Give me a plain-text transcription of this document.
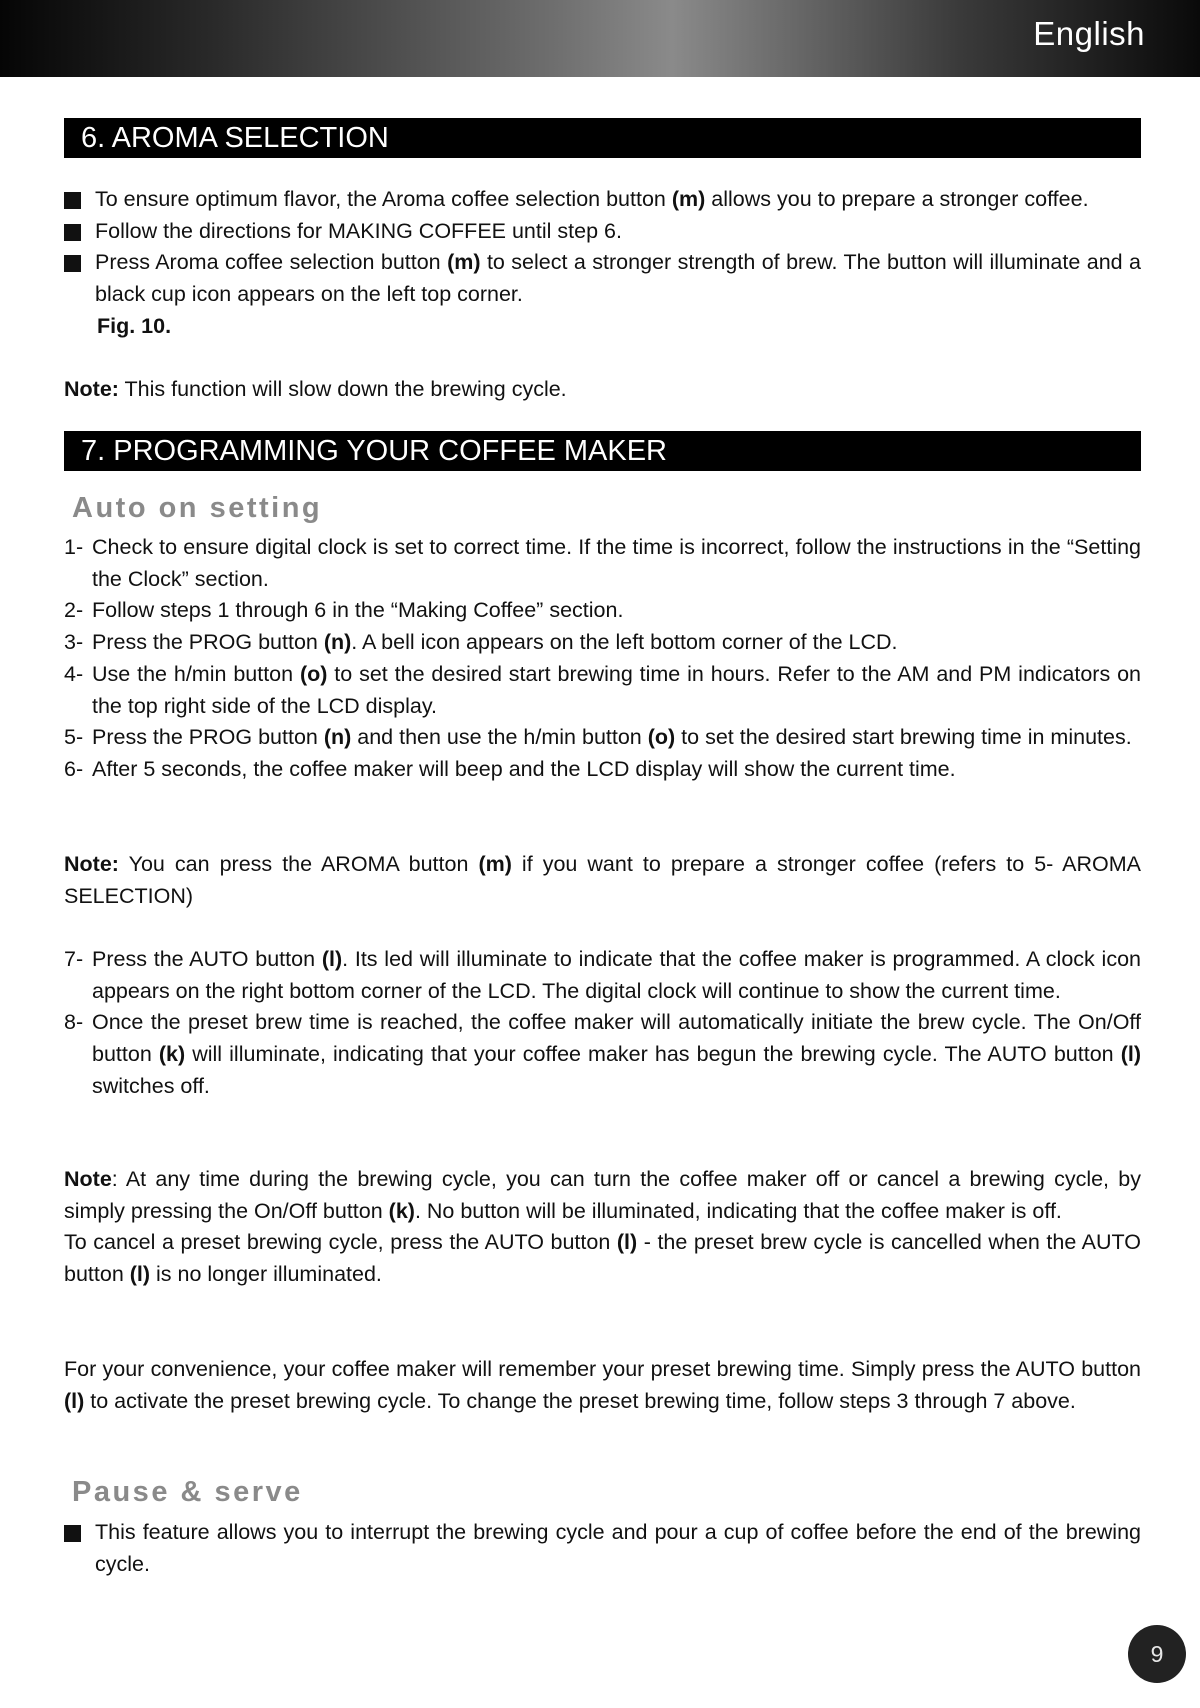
English
6. AROMA SELECTION
To ensure optimum flavor, the Aroma coffee selection button (m) allows you to prepare a stronger coffee.
Follow the directions for MAKING COFFEE until step 6.
Press Aroma coffee selection button (m) to select a stronger strength of brew. The button will illuminate and a black cup icon appears on the left top corner.
Fig. 10.
Note: This function will slow down the brewing cycle.
7. PROGRAMMING YOUR COFFEE MAKER
Auto on setting
1- Check to ensure digital clock is set to correct time. If the time is incorrect, follow the instructions in the “Setting the Clock” section.
2- Follow steps 1 through 6 in the “Making Coffee” section.
3- Press the PROG button (n). A bell icon appears on the left bottom corner of the LCD.
4- Use the h/min button (o) to set the desired start brewing time in hours. Refer to the AM and PM indicators on the top right side of the LCD display.
5- Press the PROG button (n) and then use the h/min button (o) to set the desired start brewing time in minutes.
6- After 5 seconds, the coffee maker will beep and the LCD display will show the current time.
Note: You can press the AROMA button (m) if you want to prepare a stronger coffee (refers to 5- AROMA SELECTION)
7- Press the AUTO button (l). Its led will illuminate to indicate that the coffee maker is programmed. A clock icon appears on the right bottom corner of the LCD. The digital clock will continue to show the current time.
8- Once the preset brew time is reached, the coffee maker will automatically initiate the brew cycle. The On/Off button (k) will illuminate, indicating that your coffee maker has begun the brewing cycle. The AUTO button (l) switches off.
Note: At any time during the brewing cycle, you can turn the coffee maker off or cancel a brewing cycle, by simply pressing the On/Off button (k). No button will be illuminated, indicating that the coffee maker is off.
To cancel a preset brewing cycle, press the AUTO button (l) - the preset brew cycle is cancelled when the AUTO button (l) is no longer illuminated.
For your convenience, your coffee maker will remember your preset brewing time. Simply press the AUTO button (l) to activate the preset brewing cycle. To change the preset brewing time, follow steps 3 through 7 above.
Pause & serve
This feature allows you to interrupt the brewing cycle and pour a cup of coffee before the end of the brewing cycle.
9
